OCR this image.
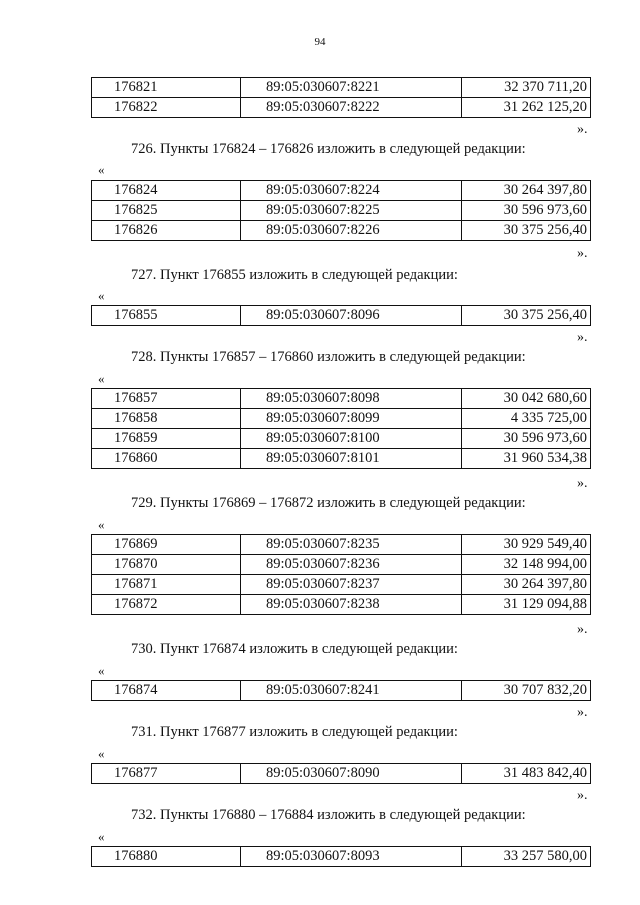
94
176821	89:05:030607:8221	32 370 711,20
176822	89:05:030607:8222	31 262 125,20
».
726. Пункты 176824 – 176826 изложить в следующей редакции:
«
176824	89:05:030607:8224	30 264 397,80
176825	89:05:030607:8225	30 596 973,60
176826	89:05:030607:8226	30 375 256,40
».
727. Пункт 176855 изложить в следующей редакции:
«
176855	89:05:030607:8096	30 375 256,40
».
728. Пункты 176857 – 176860 изложить в следующей редакции:
«
176857	89:05:030607:8098	30 042 680,60
176858	89:05:030607:8099	4 335 725,00
176859	89:05:030607:8100	30 596 973,60
176860	89:05:030607:8101	31 960 534,38
».
729. Пункты 176869 – 176872 изложить в следующей редакции:
«
176869	89:05:030607:8235	30 929 549,40
176870	89:05:030607:8236	32 148 994,00
176871	89:05:030607:8237	30 264 397,80
176872	89:05:030607:8238	31 129 094,88
».
730. Пункт 176874 изложить в следующей редакции:
«
176874	89:05:030607:8241	30 707 832,20
».
731. Пункт 176877 изложить в следующей редакции:
«
176877	89:05:030607:8090	31 483 842,40
».
732. Пункты 176880 – 176884 изложить в следующей редакции:
«
176880	89:05:030607:8093	33 257 580,00
